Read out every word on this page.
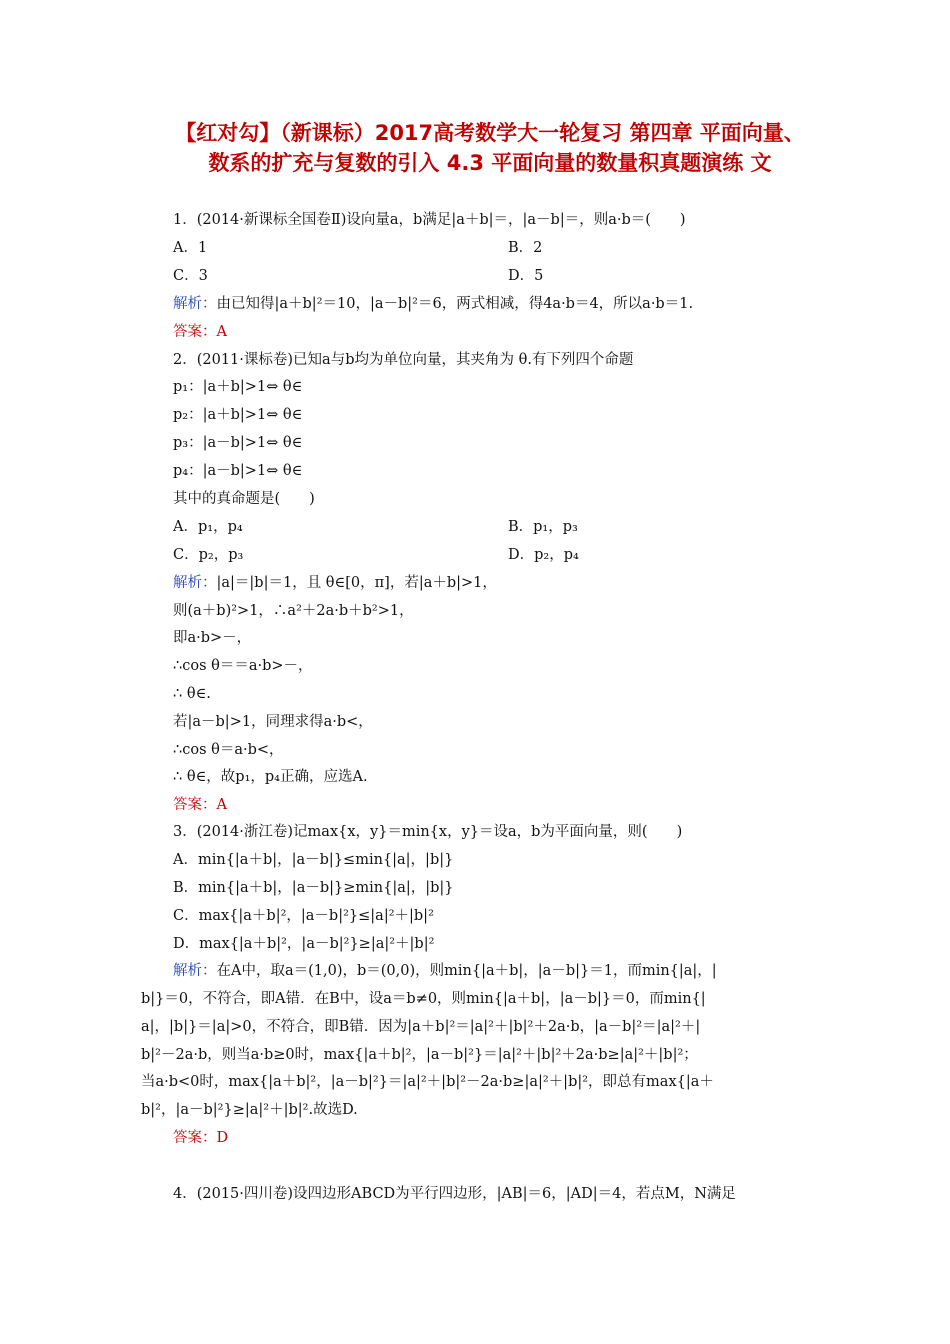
【红对勾】（新课标）2017高考数学大一轮复习 第四章 平面向量、
数系的扩充与复数的引入 4.3 平面向量的数量积真题演练 文
1．(2014·新课标全国卷Ⅱ)设向量a，b满足|a＋b|＝，|a－b|＝，则a·b＝(　　)
A．1	B．2
C．3	D．5
解析：由已知得|a＋b|²＝10，|a－b|²＝6，两式相减，得4a·b＝4，所以a·b＝1.
答案：A
2．(2011·课标卷)已知a与b均为单位向量，其夹角为 θ.有下列四个命题
p₁：|a＋b|>1⇔ θ∈
p₂：|a＋b|>1⇔ θ∈
p₃：|a－b|>1⇔ θ∈
p₄：|a－b|>1⇔ θ∈
其中的真命题是(　　)
A．p₁，p₄	B．p₁，p₃
C．p₂，p₃	D．p₂，p₄
解析：|a|＝|b|＝1，且 θ∈[0，π]，若|a＋b|>1，
则(a＋b)²>1，∴a²＋2a·b＋b²>1，
即a·b>－，
∴cos θ＝＝a·b>－，
∴ θ∈.
若|a－b|>1，同理求得a·b<，
∴cos θ＝a·b<，
∴ θ∈，故p₁，p₄正确，应选A.
答案：A
3．(2014·浙江卷)记max{x，y}＝min{x，y}＝设a，b为平面向量，则(　　)
A．min{|a＋b|，|a－b|}≤min{|a|，|b|}
B．min{|a＋b|，|a－b|}≥min{|a|，|b|}
C．max{|a＋b|²，|a－b|²}≤|a|²＋|b|²
D．max{|a＋b|²，|a－b|²}≥|a|²＋|b|²
解析：在A中，取a＝(1,0)，b＝(0,0)，则min{|a＋b|，|a－b|}＝1，而min{|a|，|
b|}＝0，不符合，即A错．在B中，设a＝b≠0，则min{|a＋b|，|a－b|}＝0，而min{|
a|，|b|}＝|a|>0，不符合，即B错．因为|a＋b|²＝|a|²＋|b|²＋2a·b，|a－b|²＝|a|²＋|
b|²－2a·b，则当a·b≥0时，max{|a＋b|²，|a－b|²}＝|a|²＋|b|²＋2a·b≥|a|²＋|b|²；
当a·b<0时，max{|a＋b|²，|a－b|²}＝|a|²＋|b|²－2a·b≥|a|²＋|b|²，即总有max{|a＋
b|²，|a－b|²}≥|a|²＋|b|².故选D.
答案：D
4．(2015·四川卷)设四边形ABCD为平行四边形，|AB|＝6，|AD|＝4，若点M，N满足
